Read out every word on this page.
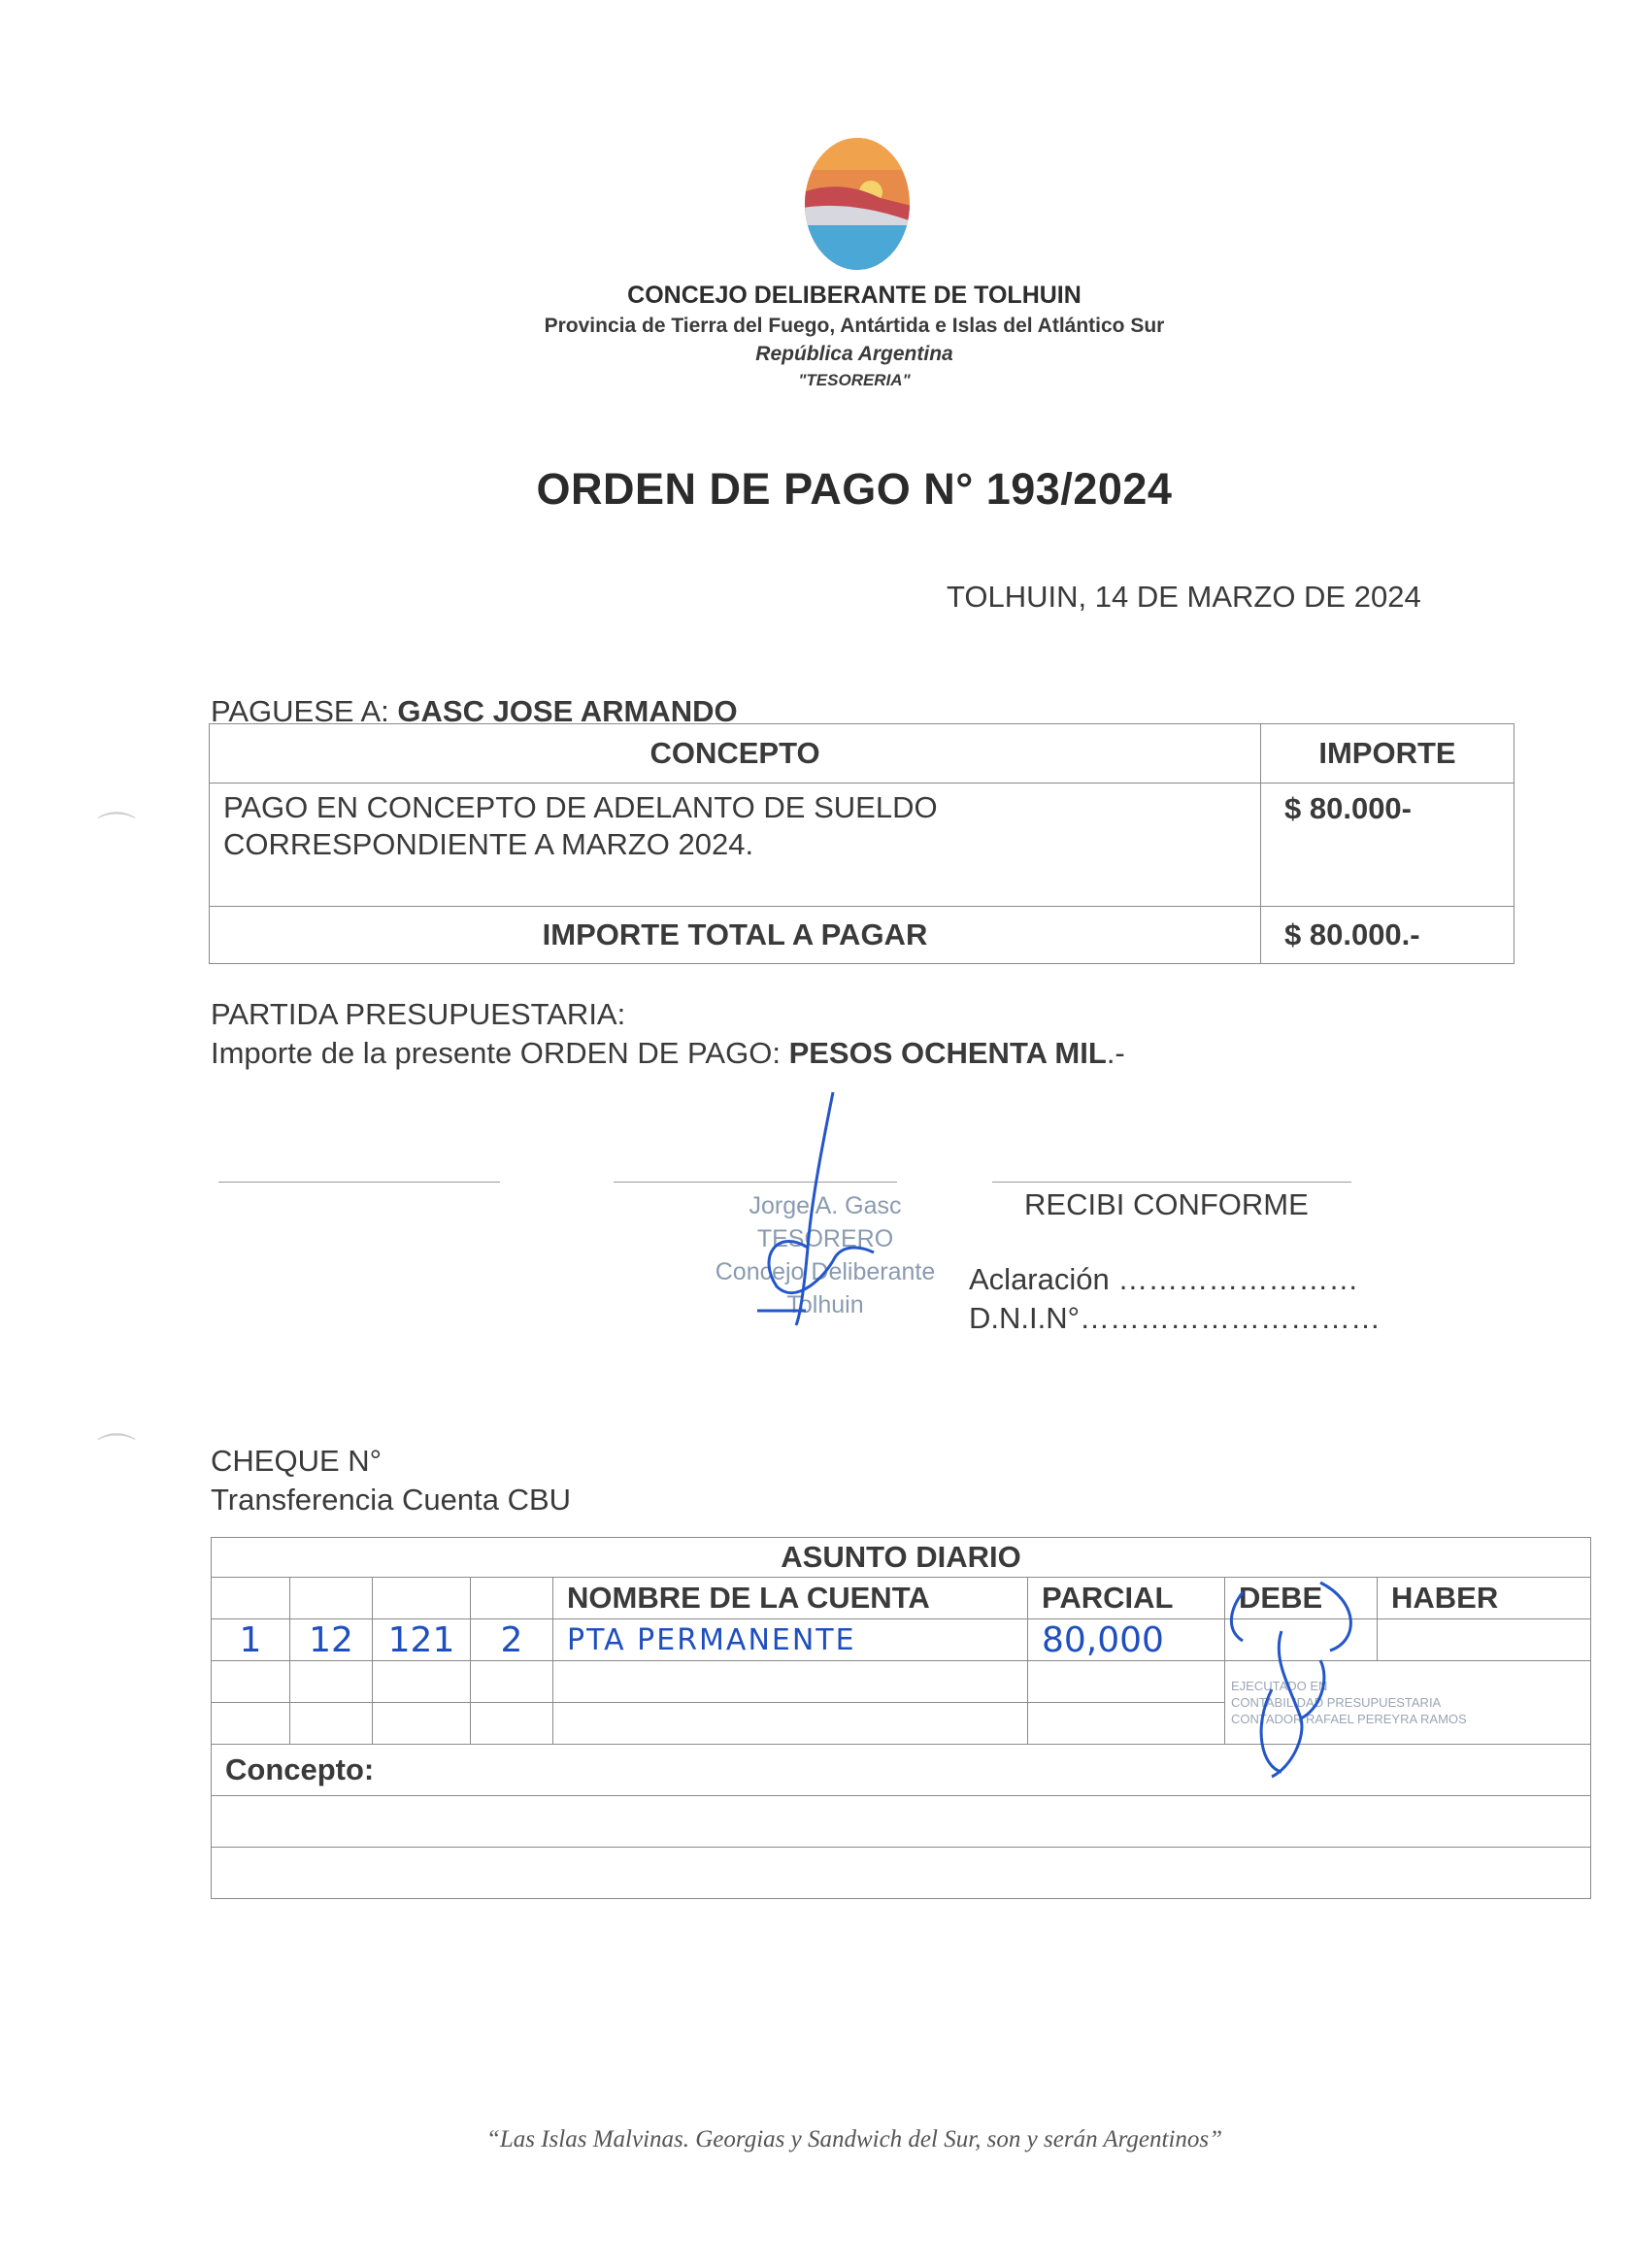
CONCEJO DELIBERANTE DE TOLHUIN
Provincia de Tierra del Fuego, Antártida e Islas del Atlántico Sur
República Argentina
"TESORERIA"
ORDEN DE PAGO N° 193/2024
TOLHUIN, 14 DE MARZO DE 2024
PAGUESE A: GASC JOSE ARMANDO
CONCEPTO	IMPORTE

PAGO EN CONCEPTO DE ADELANTO DE SUELDO
CORRESPONDIENTE A MARZO 2024.	$ 80.000-
IMPORTE TOTAL A PAGAR	$ 80.000.-
PARTIDA PRESUPUESTARIA:
Importe de la presente ORDEN DE PAGO: PESOS OCHENTA MIL.-
Jorge A. Gasc
TESORERO
Concejo Deliberante Tolhuin
RECIBI CONFORME
Aclaración ……………………
D.N.I.N°…………………………
CHEQUE N°
Transferencia Cuenta CBU
⌒
⌒
ASUNTO DIARIO							
				NOMBRE DE LA CUENTA	PARCIAL	DEBE	HABER
1	12	121	2	PTA PERMANENTE	80,000		

						EJECUTADO EN
CONTABILIDAD PRESUPUESTARIA
CONTADOR RAFAEL PEREYRA RAMOS	

Concepto:							

“Las Islas Malvinas. Georgias y Sandwich del Sur, son y serán Argentinos”
